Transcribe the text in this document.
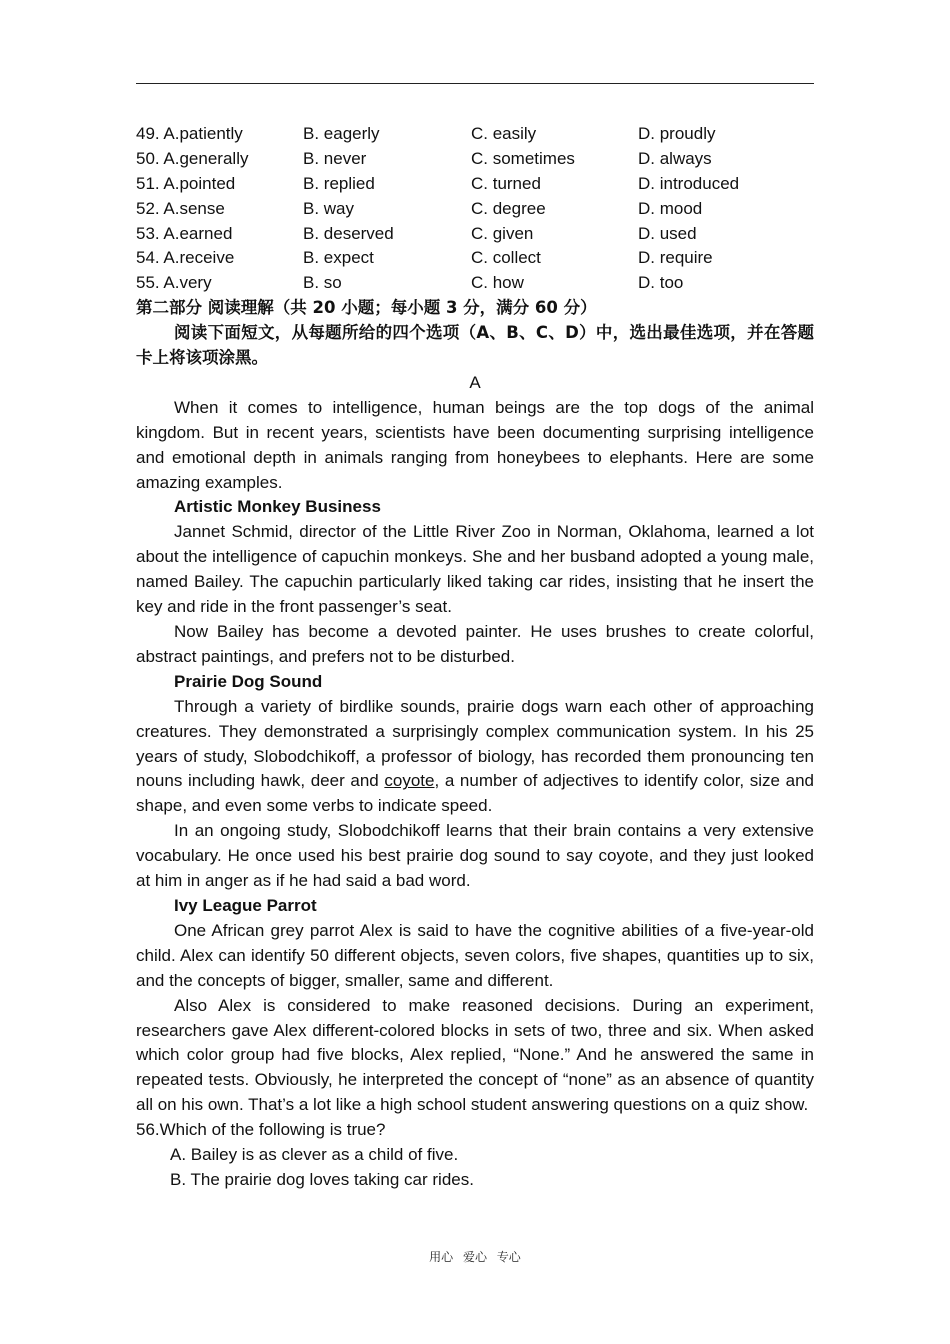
49. A.patiently	B. eagerly	C. easily	D. proudly
50. A.generally	B. never	C. sometimes	D. always
51. A.pointed	B. replied	C. turned	D. introduced
52. A.sense	B. way	C. degree	D. mood
53. A.earned	B. deserved	C. given	D. used
54. A.receive	B. expect	C. collect	D. require
55. A.very	B. so	C. how	D. too
第二部分 阅读理解（共 20 小题；每小题 3 分，满分 60 分）
阅读下面短文，从每题所给的四个选项（A、B、C、D）中，选出最佳选项，并在答题卡上将该项涂黑。
A

When it comes to intelligence, human beings are the top dogs of the animal kingdom. But in recent years, scientists have been documenting surprising intelligence and emotional depth in animals ranging from honeybees to elephants. Here are some amazing examples.

Artistic Monkey Business

Jannet Schmid, director of the Little River Zoo in Norman, Oklahoma, learned a lot about the intelligence of capuchin monkeys. She and her busband adopted a young male, named Bailey. The capuchin particularly liked taking car rides, insisting that he insert the key and ride in the front passenger’s seat.

Now Bailey has become a devoted painter. He uses brushes to create colorful, abstract paintings, and prefers not to be disturbed.

Prairie Dog Sound

Through a variety of birdlike sounds, prairie dogs warn each other of approaching creatures. They demonstrated a surprisingly complex communication system. In his 25 years of study, Slobodchikoff, a professor of biology, has recorded them pronouncing ten nouns including hawk, deer and coyote, a number of adjectives to identify color, size and shape, and even some verbs to indicate speed.

In an ongoing study, Slobodchikoff learns that their brain contains a very extensive vocabulary. He once used his best prairie dog sound to say coyote, and they just looked at him in anger as if he had said a bad word.

Ivy League Parrot

One African grey parrot Alex is said to have the cognitive abilities of a five-year-old child. Alex can identify 50 different objects, seven colors, five shapes, quantities up to six, and the concepts of bigger, smaller, same and different.

Also Alex is considered to make reasoned decisions. During an experiment, researchers gave Alex different-colored blocks in sets of two, three and six. When asked which color group had five blocks, Alex replied, “None.” And he answered the same in repeated tests. Obviously, he interpreted the concept of “none” as an absence of quantity all on his own. That’s a lot like a high school student answering questions on a quiz show.

56.Which of the following is true?
A. Bailey is as clever as a child of five.
B. The prairie dog loves taking car rides.
用心 爱心 专心
